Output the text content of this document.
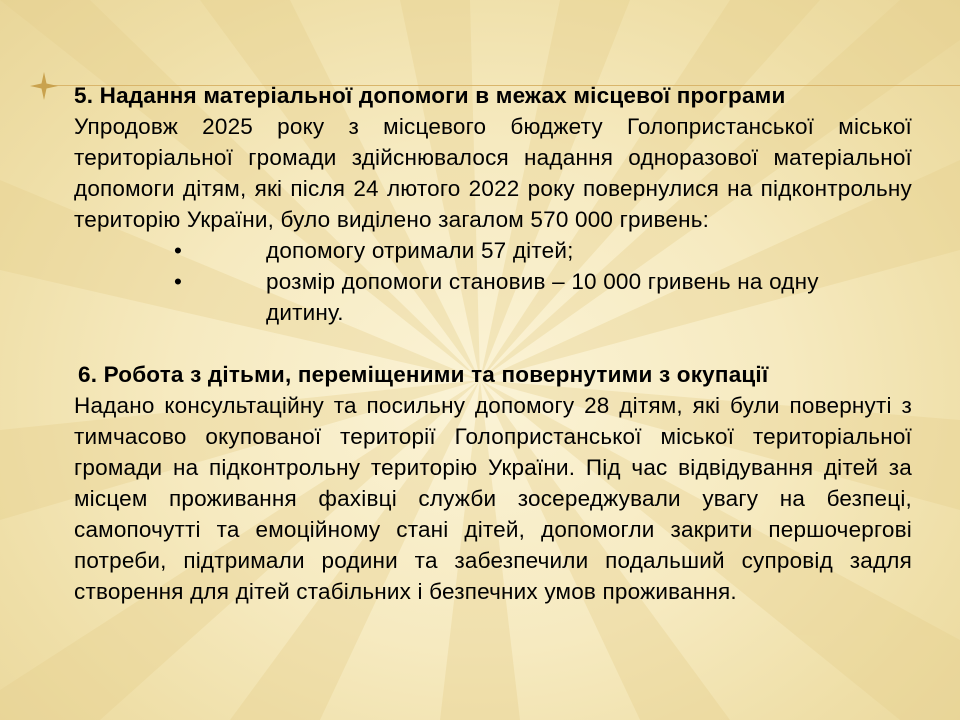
5. Надання матеріальної допомоги в межах місцевої програми
Упродовж 2025 року з місцевого бюджету Голопристанської міської територіальної громади здійснювалося надання одноразової матеріальної допомоги дітям, які після 24 лютого 2022 року повернулися на підконтрольну територію України, було виділено загалом 570 000 гривень:
•	допомогу отримали 57 дітей;
•	розмір допомоги становив – 10 000 гривень на одну дитину.
6. Робота з дітьми, переміщеними та повернутими з окупації
Надано консультаційну та посильну допомогу 28 дітям, які були повернуті з тимчасово окупованої території Голопристанської міської територіальної громади на підконтрольну територію України. Під час відвідування дітей за місцем проживання фахівці служби зосереджували увагу на безпеці, самопочутті та емоційному стані дітей, допомогли закрити першочергові потреби, підтримали родини та забезпечили подальший супровід задля створення для дітей стабільних і безпечних умов проживання.
